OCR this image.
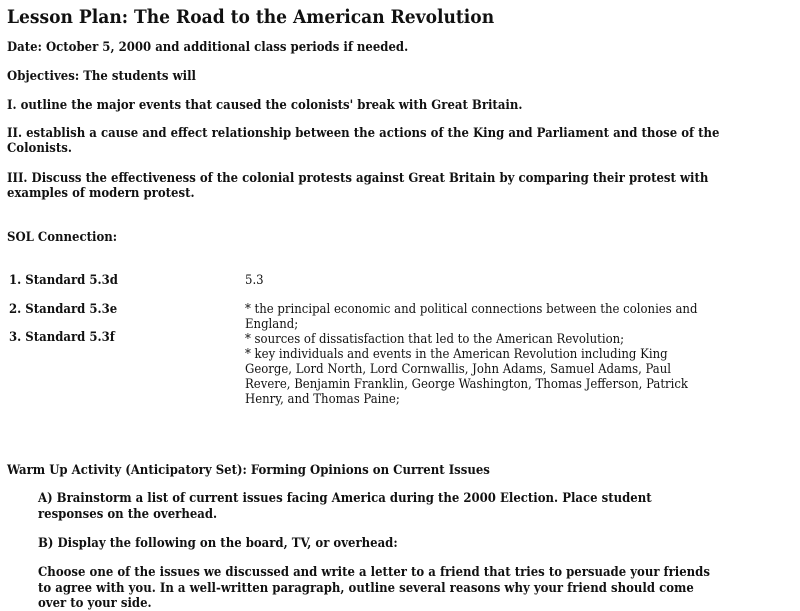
Lesson Plan: The Road to the American Revolution
Date: October 5, 2000 and additional class periods if needed.
Objectives: The students will
I. outline the major events that caused the colonists' break with Great Britain.
II. establish a cause and effect relationship between the actions of the King and Parliament and those of the
Colonists.
III. Discuss the effectiveness of the colonial protests against Great Britain by comparing their protest with
examples of modern protest.
SOL Connection:
1. Standard 5.3d
2. Standard 5.3e
3. Standard 5.3f
5.3
* the principal economic and political connections between the colonies and
England;
* sources of dissatisfaction that led to the American Revolution;
* key individuals and events in the American Revolution including King
George, Lord North, Lord Cornwallis, John Adams, Samuel Adams, Paul
Revere, Benjamin Franklin, George Washington, Thomas Jefferson, Patrick
Henry, and Thomas Paine;
Warm Up Activity (Anticipatory Set): Forming Opinions on Current Issues
A) Brainstorm a list of current issues facing America during the 2000 Election. Place student
responses on the overhead.
B) Display the following on the board, TV, or overhead:
Choose one of the issues we discussed and write a letter to a friend that tries to persuade your friends
to agree with you. In a well-written paragraph, outline several reasons why your friend should come
over to your side.
